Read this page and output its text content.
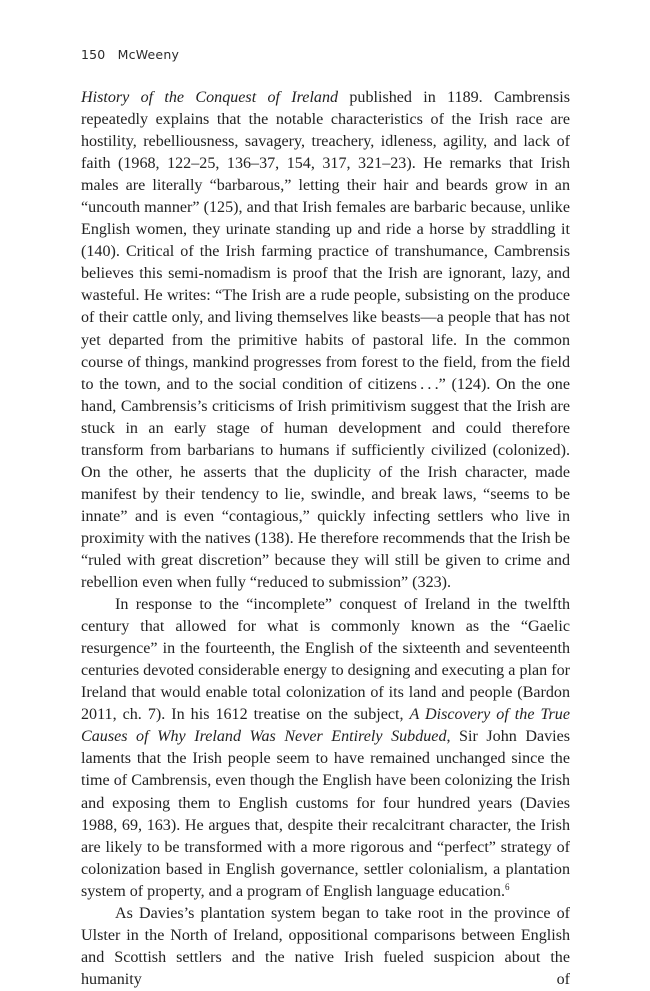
150 McWeeny

History of the Conquest of Ireland published in 1189. Cambrensis repeatedly explains that the notable characteristics of the Irish race are hostility, rebelliousness, savagery, treachery, idleness, agility, and lack of faith (1968, 122–25, 136–37, 154, 317, 321–23). He remarks that Irish males are literally “barbarous,” letting their hair and beards grow in an “uncouth manner” (125), and that Irish females are barbaric because, unlike English women, they urinate standing up and ride a horse by straddling it (140). Critical of the Irish farming practice of transhumance, Cambrensis believes this semi-nomadism is proof that the Irish are ignorant, lazy, and wasteful. He writes: “The Irish are a rude people, subsisting on the produce of their cattle only, and living themselves like beasts—a people that has not yet departed from the primitive habits of pastoral life. In the common course of things, mankind progresses from forest to the field, from the field to the town, and to the social condition of citizens . . .” (124). On the one hand, Cambrensis’s criticisms of Irish primitivism suggest that the Irish are stuck in an early stage of human development and could therefore transform from barbarians to humans if sufficiently civilized (colonized). On the other, he asserts that the duplicity of the Irish character, made manifest by their tendency to lie, swindle, and break laws, “seems to be innate” and is even “contagious,” quickly infecting settlers who live in proximity with the natives (138). He therefore recommends that the Irish be “ruled with great discretion” because they will still be given to crime and rebellion even when fully “reduced to submission” (323).

In response to the “incomplete” conquest of Ireland in the twelfth century that allowed for what is commonly known as the “Gaelic resurgence” in the fourteenth, the English of the sixteenth and seventeenth centuries devoted considerable energy to designing and executing a plan for Ireland that would enable total colonization of its land and people (Bardon 2011, ch. 7). In his 1612 treatise on the subject, A Discovery of the True Causes of Why Ireland Was Never Entirely Subdued, Sir John Davies laments that the Irish people seem to have remained unchanged since the time of Cambrensis, even though the English have been colonizing the Irish and exposing them to English customs for four hundred years (Davies 1988, 69, 163). He argues that, despite their recalcitrant character, the Irish are likely to be transformed with a more rigorous and “perfect” strategy of colonization based in English governance, settler colonialism, a plantation system of property, and a program of English language education.$^6$

As Davies’s plantation system began to take root in the province of Ulster in the North of Ireland, oppositional comparisons between English and Scottish settlers and the native Irish fueled suspicion about the humanity of
